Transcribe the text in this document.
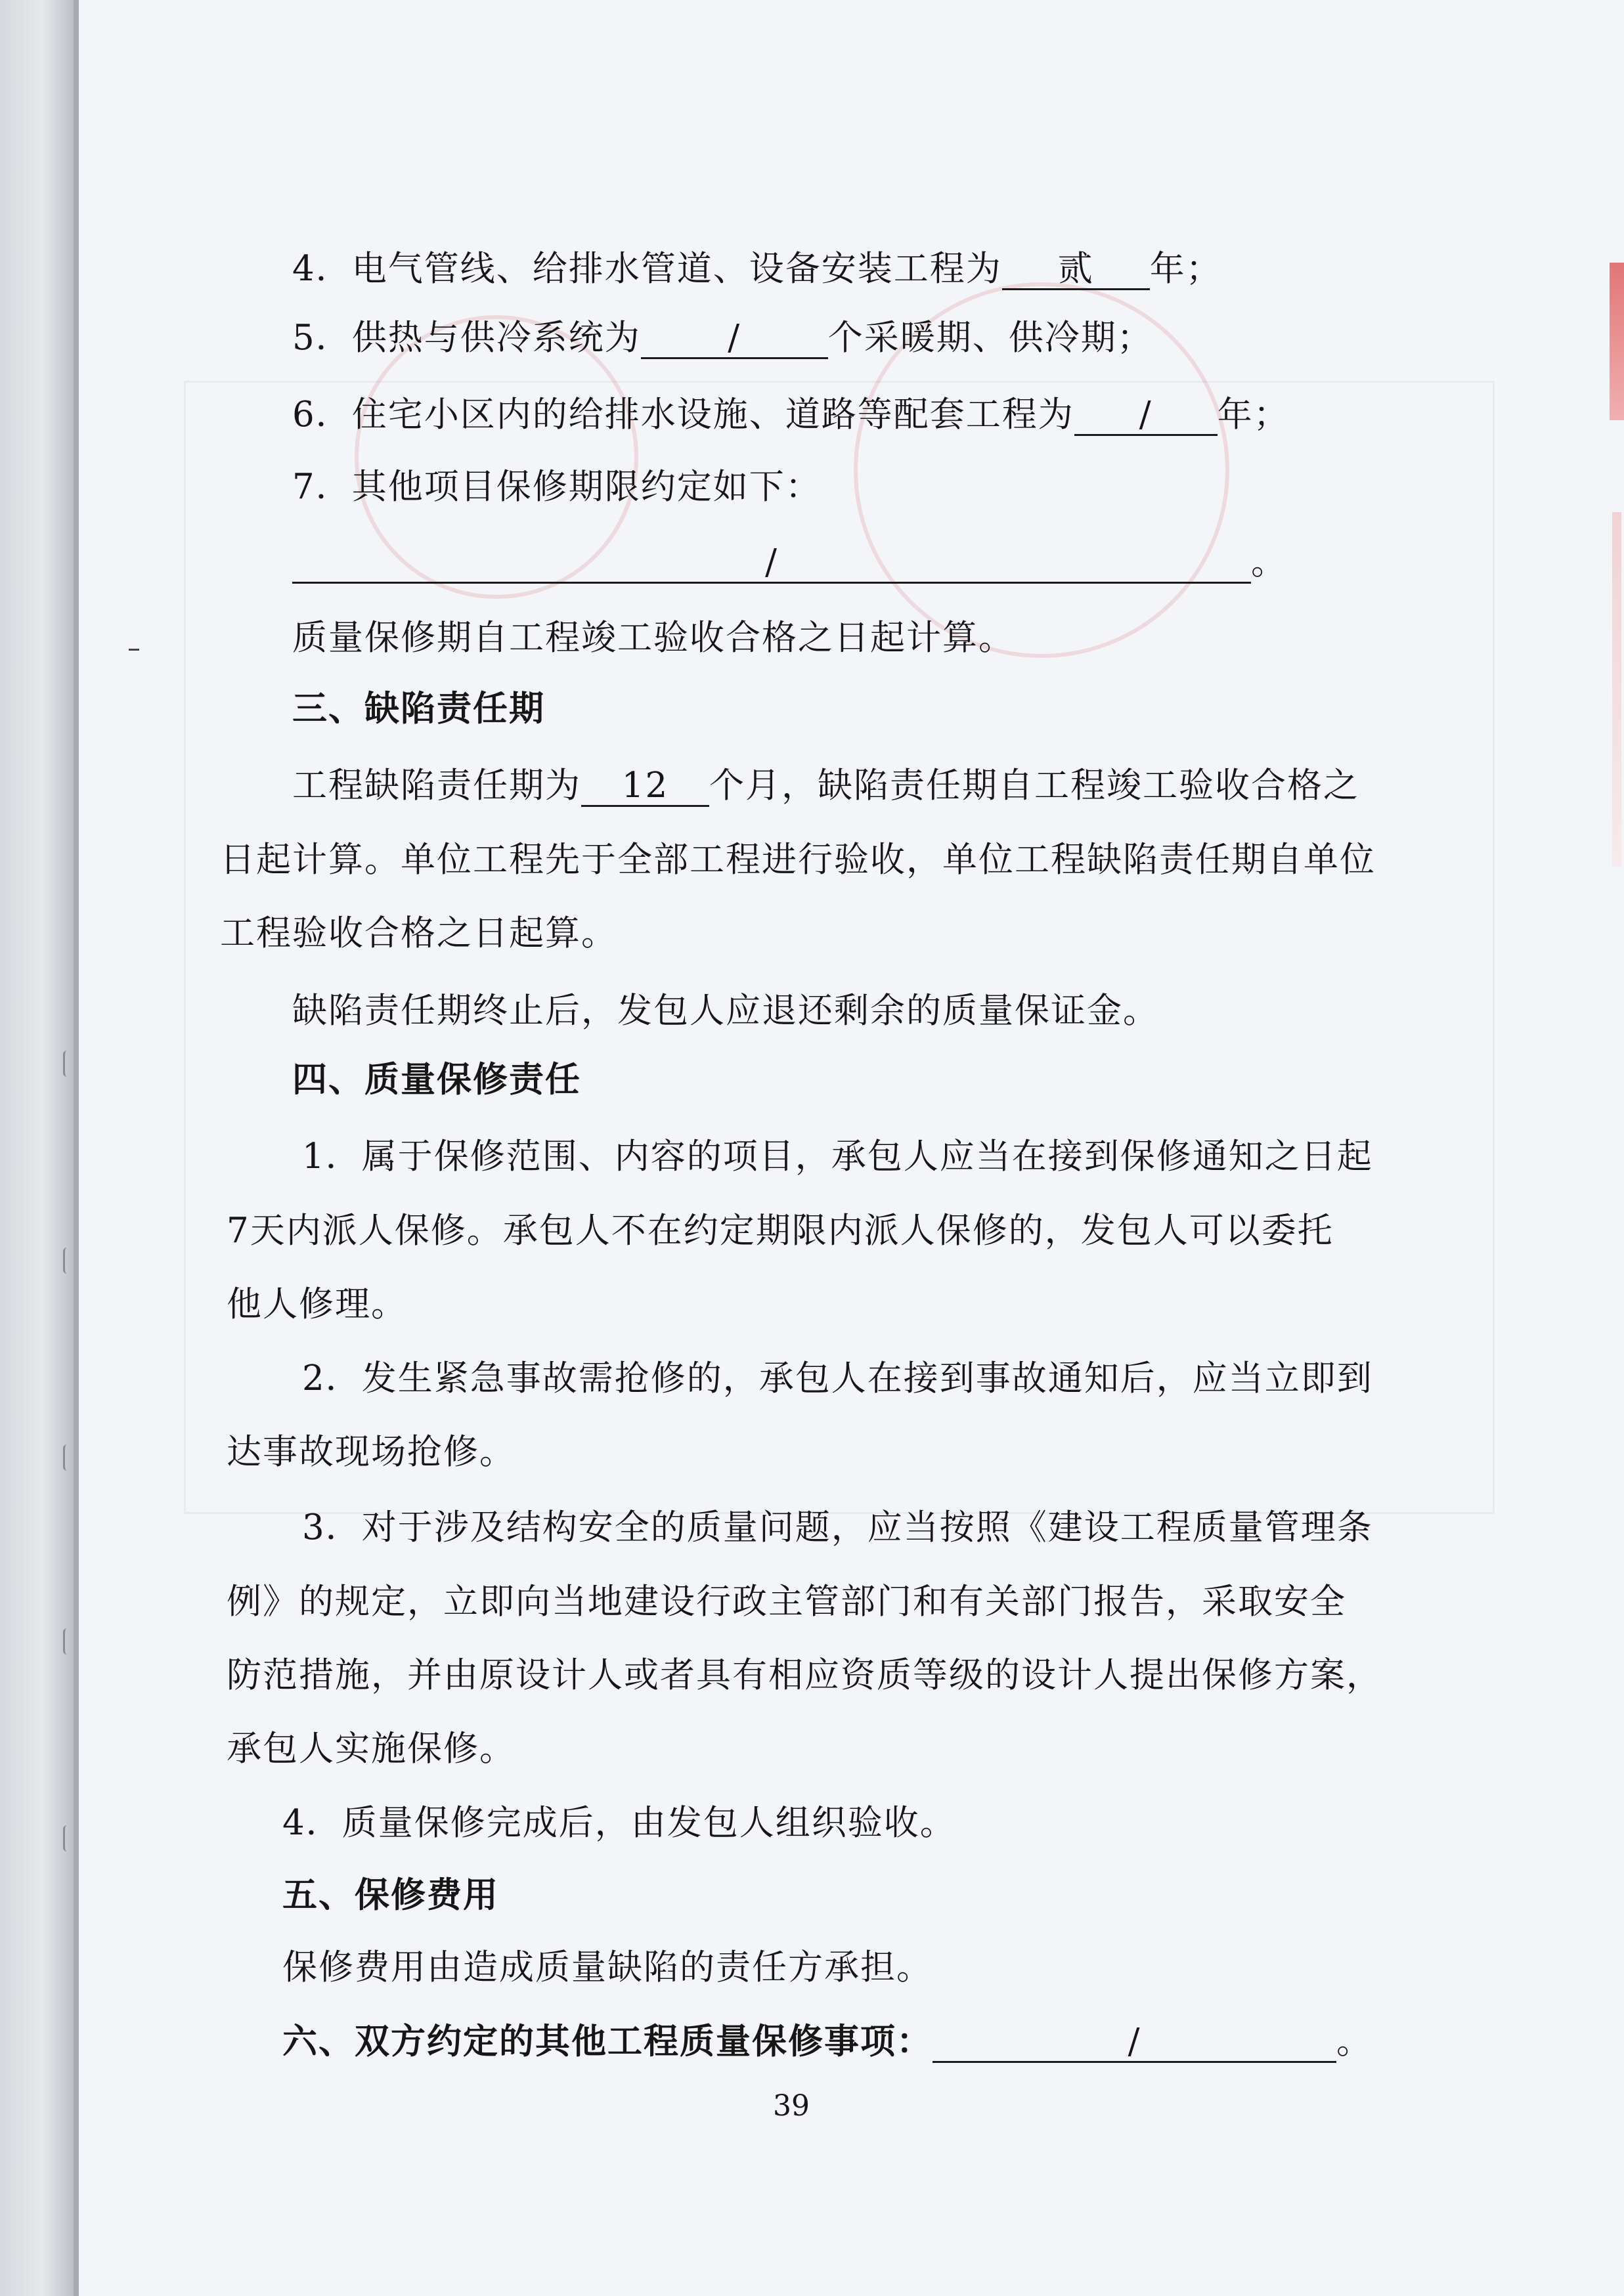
4．电气管线、给排水管道、设备安装工程为 贰 年；
5．供热与供冷系统为	/	个采暖期、供冷期；
6．住宅小区内的给排水设施、道路等配套工程为 / 年；
7．其他项目保修期限约定如下：
/	。
质量保修期自工程竣工验收合格之日起计算。
三、缺陷责任期
工程缺陷责任期为 12 个月，缺陷责任期自工程竣工验收合格之
日起计算。单位工程先于全部工程进行验收，单位工程缺陷责任期自单位
工程验收合格之日起算。
缺陷责任期终止后，发包人应退还剩余的质量保证金。
四、质量保修责任
1．属于保修范围、内容的项目，承包人应当在接到保修通知之日起
7天内派人保修。承包人不在约定期限内派人保修的，发包人可以委托
他人修理。
2．发生紧急事故需抢修的，承包人在接到事故通知后，应当立即到
达事故现场抢修。
3．对于涉及结构安全的质量问题，应当按照《建设工程质量管理条
例》的规定，立即向当地建设行政主管部门和有关部门报告，采取安全
防范措施，并由原设计人或者具有相应资质等级的设计人提出保修方案，
承包人实施保修。
4．质量保修完成后，由发包人组织验收。
五、保修费用
保修费用由造成质量缺陷的责任方承担。
六、双方约定的其他工程质量保修事项：	/	。
39
